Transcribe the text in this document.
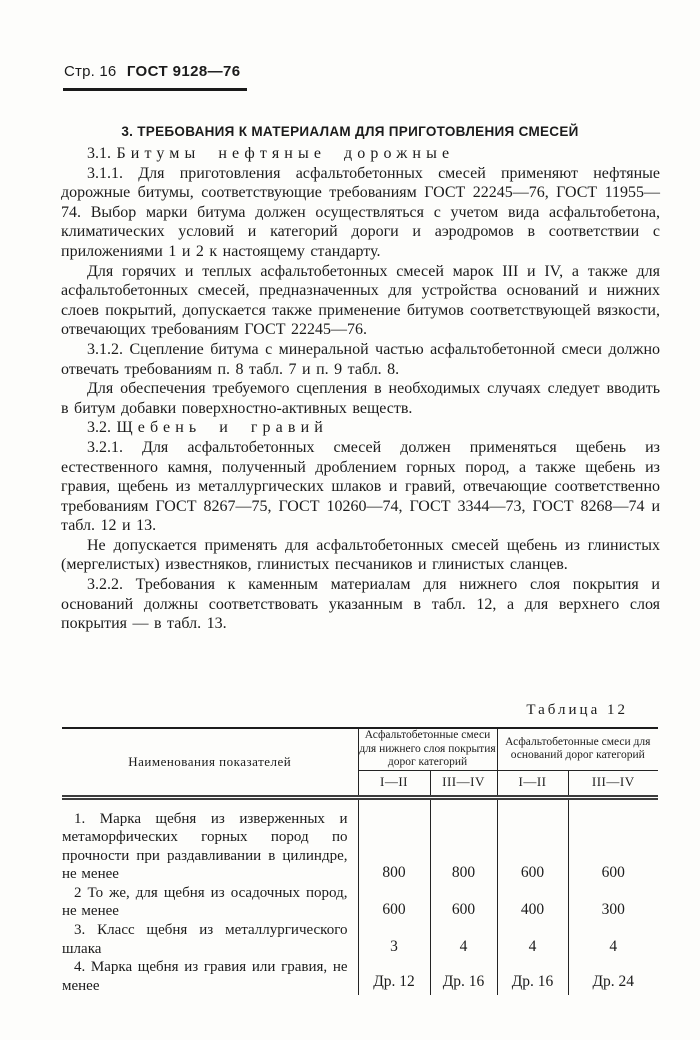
Стр. 16 ГОСТ 9128—76
3. ТРЕБОВАНИЯ К МАТЕРИАЛАМ ДЛЯ ПРИГОТОВЛЕНИЯ СМЕСЕЙ

3.1. Битумы нефтяные дорожные

3.1.1. Для приготовления асфальтобетонных смесей применяют нефтяные дорожные битумы, соответствующие требованиям ГОСТ 22245—76, ГОСТ 11955—74. Выбор марки битума должен осуществляться с учетом вида асфальтобетона, климатических условий и категорий дороги и аэродромов в соответствии с приложениями 1 и 2 к настоящему стандарту.

Для горячих и теплых асфальтобетонных смесей марок III и IV, а также для асфальтобетонных смесей, предназначенных для устройства оснований и нижних слоев покрытий, допускается также применение битумов соответствующей вязкости, отвечающих требованиям ГОСТ 22245—76.

3.1.2. Сцепление битума с минеральной частью асфальтобетонной смеси должно отвечать требованиям п. 8 табл. 7 и п. 9 табл. 8.

Для обеспечения требуемого сцепления в необходимых случаях следует вводить в битум добавки поверхностно-активных веществ.

3.2. Щебень и гравий

3.2.1. Для асфальтобетонных смесей должен применяться щебень из естественного камня, полученный дроблением горных пород, а также щебень из гравия, щебень из металлургических шлаков и гравий, отвечающие соответственно требованиям ГОСТ 8267—75, ГОСТ 10260—74, ГОСТ 3344—73, ГОСТ 8268—74 и табл. 12 и 13.

Не допускается применять для асфальтобетонных смесей щебень из глинистых (мергелистых) известняков, глинистых песчаников и глинистых сланцев.

3.2.2. Требования к каменным материалам для нижнего слоя покрытия и оснований должны соответствовать указанным в табл. 12, а для верхнего слоя покрытия — в табл. 13.

Таблица 12
Наименования показателей	Асфальтобетонные смеси для нижнего слоя покрытия дорог категорий		Асфальтобетонные смеси для оснований дорог категорий	
	I—II	III—IV	I—II	III—IV
1. Марка щебня из изверженных и метаморфических горных пород по прочности при раздавливании в цилиндре, не менее	800	800	600	600
2 То же, для щебня из осадочных пород, не менее	600	600	400	300
3. Класс щебня из металлургического шлака	3	4	4	4
4. Марка щебня из гравия или гравия, не менее	Др. 12	Др. 16	Др. 16	Др. 24
